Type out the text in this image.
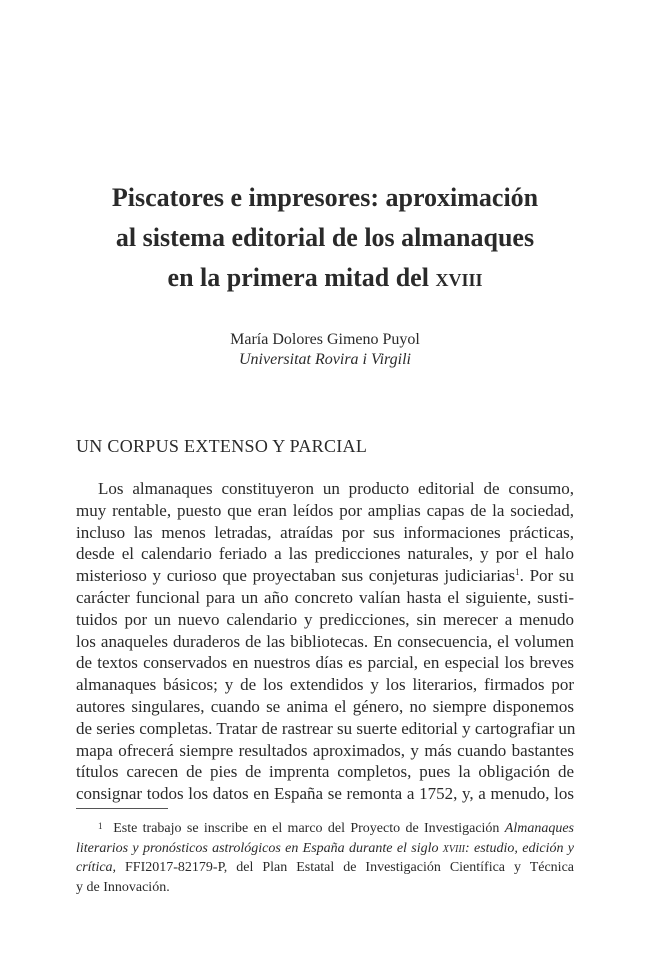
Piscatores e impresores: aproximación
al sistema editorial de los almanaques
en la primera mitad del xviii
María Dolores Gimeno Puyol
Universitat Rovira i Virgili
UN CORPUS EXTENSO Y PARCIAL
Los almanaques constituyeron un producto editorial de consumo,
muy rentable, puesto que eran leídos por amplias capas de la sociedad,
incluso las menos letradas, atraídas por sus informaciones prácticas,
desde el calendario feriado a las predicciones naturales, y por el halo
misterioso y curioso que proyectaban sus conjeturas judiciarias$^1$. Por su
carácter funcional para un año concreto valían hasta el siguiente, susti-
tuidos por un nuevo calendario y predicciones, sin merecer a menudo
los anaqueles duraderos de las bibliotecas. En consecuencia, el volumen
de textos conservados en nuestros días es parcial, en especial los breves
almanaques básicos; y de los extendidos y los literarios, firmados por
autores singulares, cuando se anima el género, no siempre disponemos
de series completas. Tratar de rastrear su suerte editorial y cartografiar un
mapa ofrecerá siempre resultados aproximados, y más cuando bastantes
títulos carecen de pies de imprenta completos, pues la obligación de
consignar todos los datos en España se remonta a 1752, y, a menudo, los
$^1$ Este trabajo se inscribe en el marco del Proyecto de Investigación Almanaques
literarios y pronósticos astrológicos en España durante el siglo xviii: estudio, edición y
crítica, FFI2017-82179-P, del Plan Estatal de Investigación Científica y Técnica
y de Innovación.
